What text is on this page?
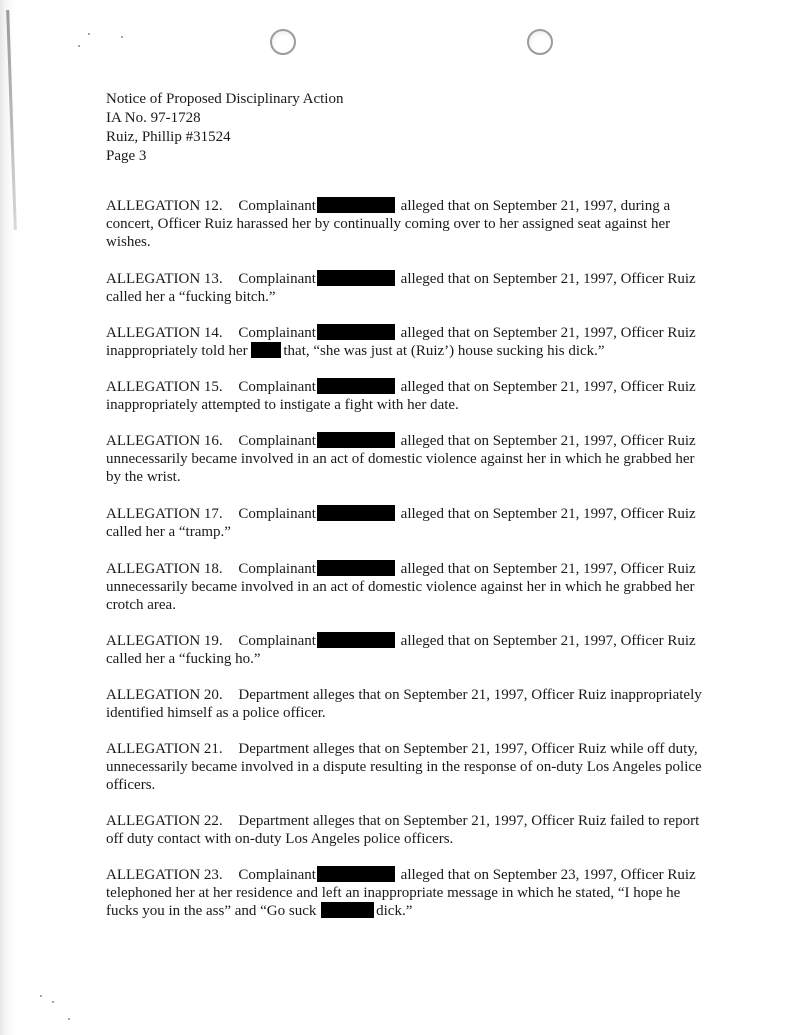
Notice of Proposed Disciplinary Action
IA No. 97-1728
Ruiz, Phillip #31524
Page 3
ALLEGATION 12. Complainant	alleged that on September 21, 1997, during a concert, Officer Ruiz harassed her by continually coming over to her assigned seat against her wishes.
ALLEGATION 13. Complainant	alleged that on September 21, 1997, Officer Ruiz called her a “fucking bitch.”
ALLEGATION 14. Complainant	alleged that on September 21, 1997, Officer Ruiz inappropriately told her that, “she was just at (Ruiz’) house sucking his dick.”
ALLEGATION 15. Complainant	alleged that on September 21, 1997, Officer Ruiz inappropriately attempted to instigate a fight with her date.
ALLEGATION 16. Complainant	alleged that on September 21, 1997, Officer Ruiz unnecessarily became involved in an act of domestic violence against her in which he grabbed her by the wrist.
ALLEGATION 17. Complainant	alleged that on September 21, 1997, Officer Ruiz called her a “tramp.”
ALLEGATION 18. Complainant	alleged that on September 21, 1997, Officer Ruiz unnecessarily became involved in an act of domestic violence against her in which he grabbed her crotch area.
ALLEGATION 19. Complainant	alleged that on September 21, 1997, Officer Ruiz called her a “fucking ho.”
ALLEGATION 20. Department alleges that on September 21, 1997, Officer Ruiz inappropriately identified himself as a police officer.
ALLEGATION 21. Department alleges that on September 21, 1997, Officer Ruiz while off duty, unnecessarily became involved in a dispute resulting in the response of on-duty Los Angeles police officers.
ALLEGATION 22. Department alleges that on September 21, 1997, Officer Ruiz failed to report off duty contact with on-duty Los Angeles police officers.
ALLEGATION 23. Complainant	alleged that on September 23, 1997, Officer Ruiz telephoned her at her residence and left an inappropriate message in which he stated, “I hope he fucks you in the ass” and “Go suck	dick.”
